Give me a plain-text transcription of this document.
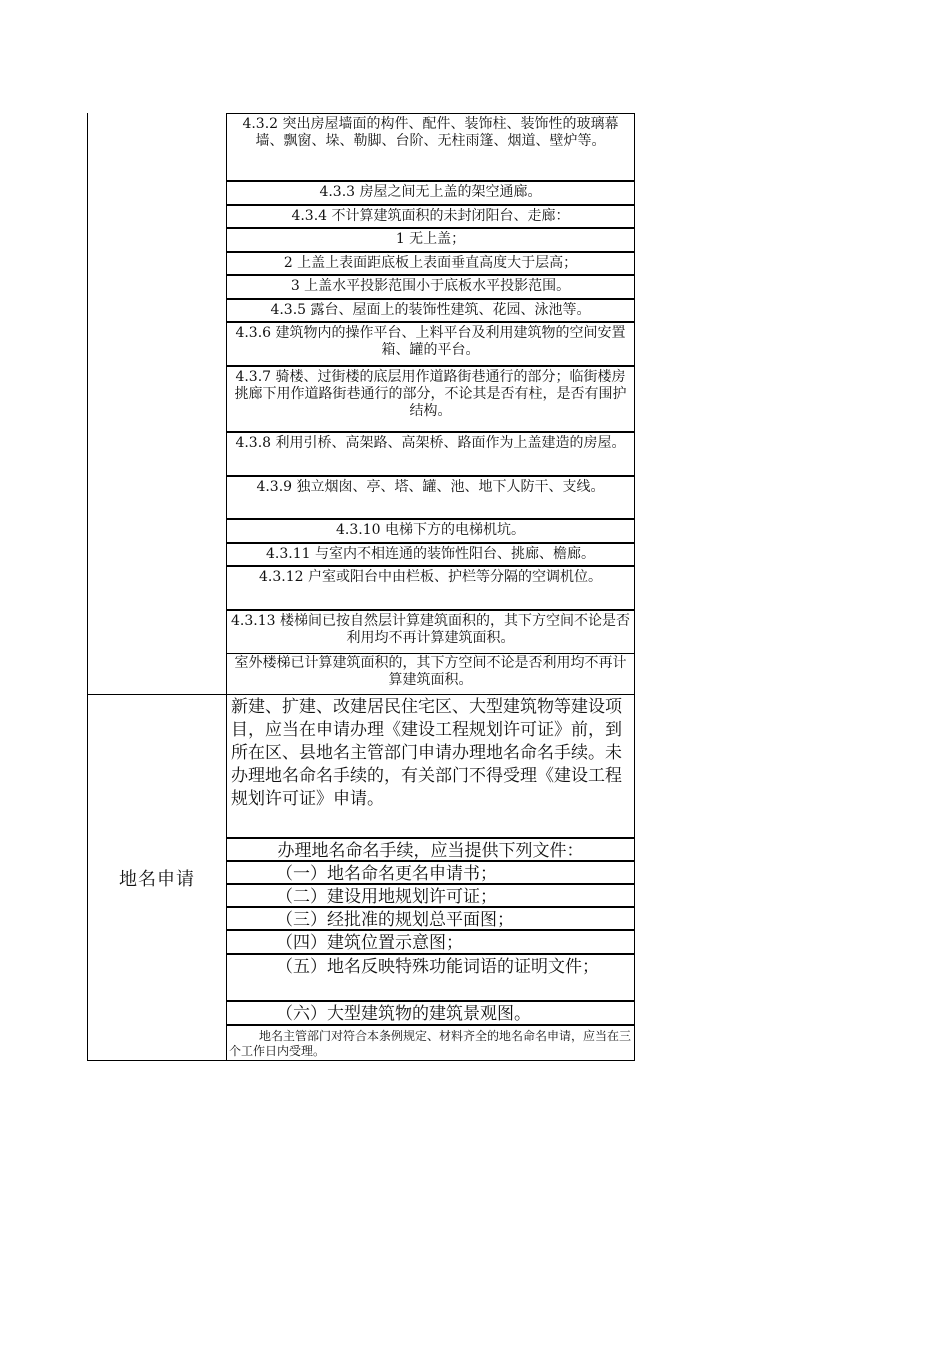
地名申请
4.3.2 突出房屋墙面的构件、配件、装饰柱、装饰性的玻璃幕墙、飘窗、垛、勒脚、台阶、无柱雨篷、烟道、壁炉等。
4.3.3 房屋之间无上盖的架空通廊。
4.3.4 不计算建筑面积的未封闭阳台、走廊：
1 无上盖；
2 上盖上表面距底板上表面垂直高度大于层高；
3 上盖水平投影范围小于底板水平投影范围。
4.3.5 露台、屋面上的装饰性建筑、花园、泳池等。
4.3.6 建筑物内的操作平台、上料平台及利用建筑物的空间安置箱、罐的平台。
4.3.7 骑楼、过街楼的底层用作道路街巷通行的部分；临街楼房挑廊下用作道路街巷通行的部分，不论其是否有柱，是否有围护结构。
4.3.8 利用引桥、高架路、高架桥、路面作为上盖建造的房屋。
4.3.9 独立烟囱、亭、塔、罐、池、地下人防干、支线。
4.3.10 电梯下方的电梯机坑。
4.3.11 与室内不相连通的装饰性阳台、挑廊、檐廊。
4.3.12 户室或阳台中由栏板、护栏等分隔的空调机位。
4.3.13 楼梯间已按自然层计算建筑面积的，其下方空间不论是否利用均不再计算建筑面积。
室外楼梯已计算建筑面积的，其下方空间不论是否利用均不再计算建筑面积。
新建、扩建、改建居民住宅区、大型建筑物等建设项目，应当在申请办理《建设工程规划许可证》前，到所在区、县地名主管部门申请办理地名命名手续。未办理地名命名手续的，有关部门不得受理《建设工程规划许可证》申请。
办理地名命名手续，应当提供下列文件：
（一）地名命名更名申请书；
（二）建设用地规划许可证；
（三）经批准的规划总平面图；
（四）建筑位置示意图；
（五）地名反映特殊功能词语的证明文件；
（六）大型建筑物的建筑景观图。
地名主管部门对符合本条例规定、材料齐全的地名命名申请，应当在三个工作日内受理。
